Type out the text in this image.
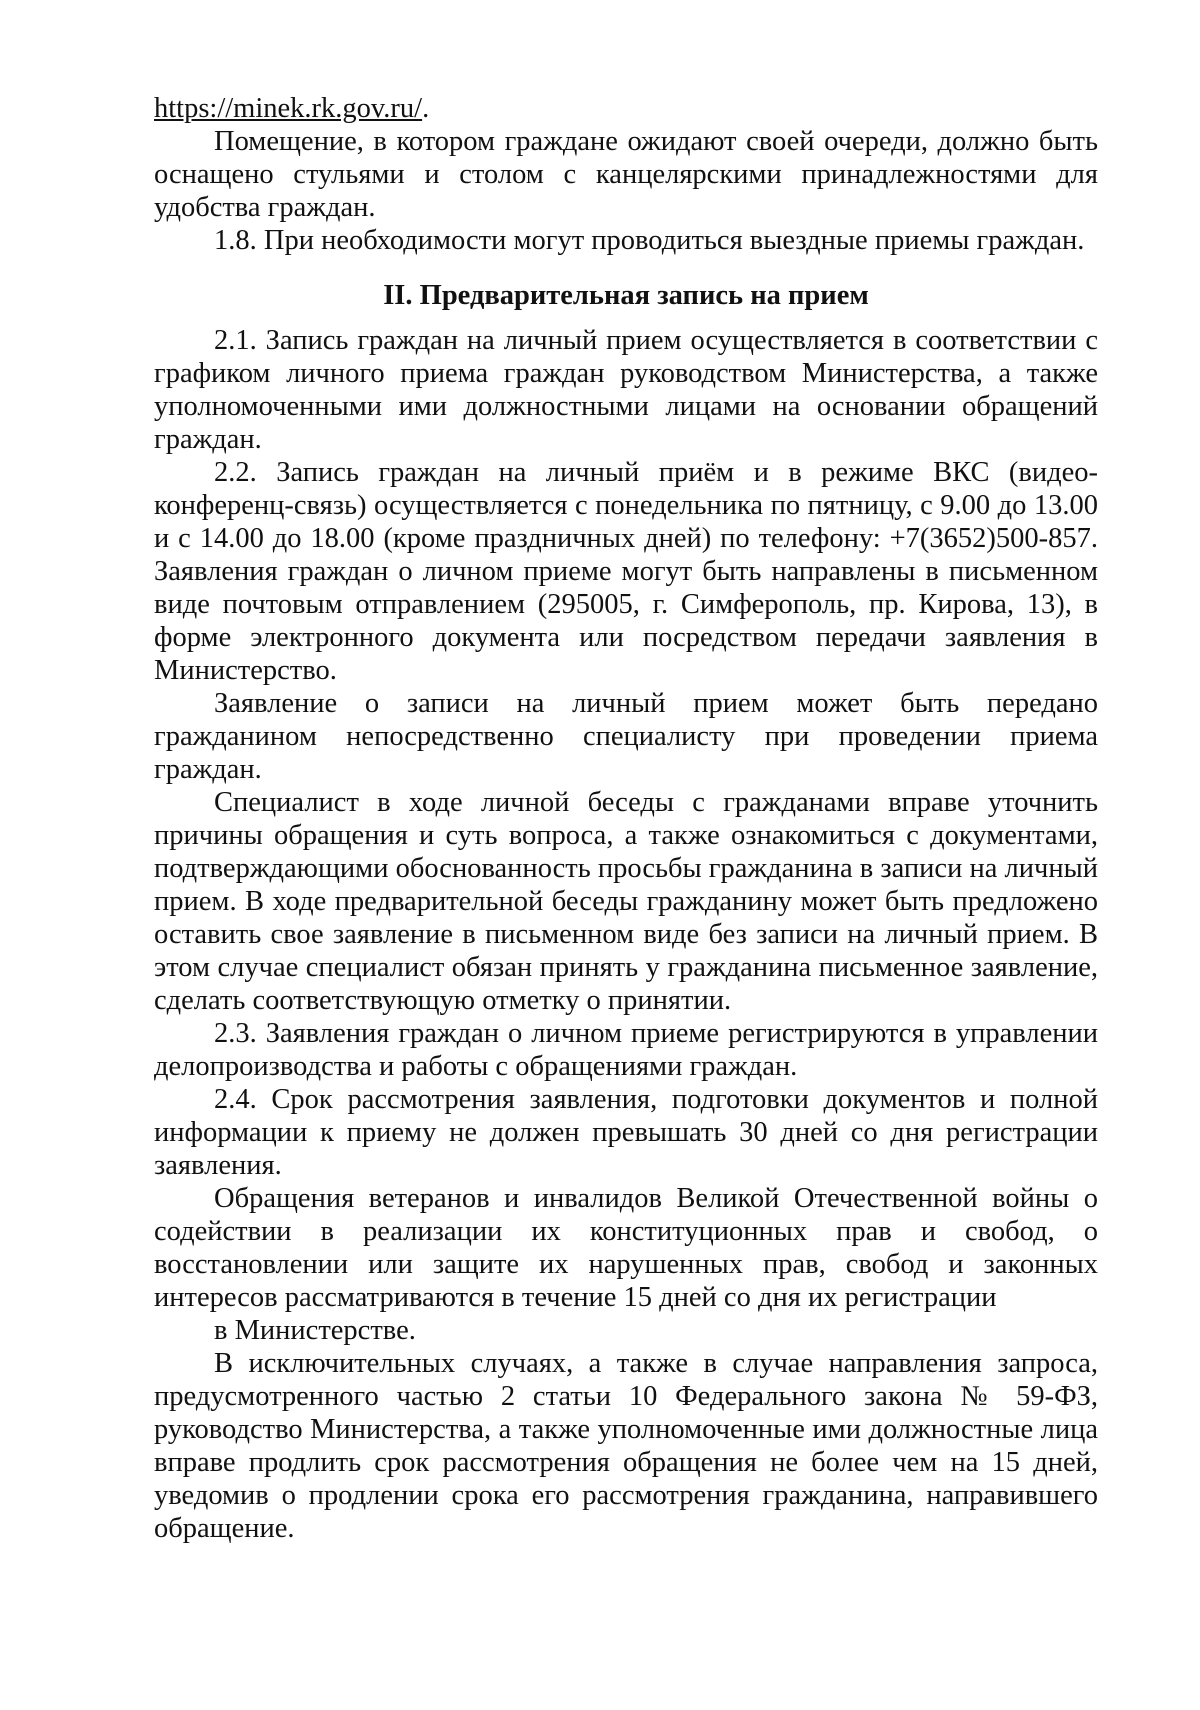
https://minek.rk.gov.ru/.

Помещение, в котором граждане ожидают своей очереди, должно быть оснащено стульями и столом с канцелярскими принадлежностями для удобства граждан.

1.8. При необходимости могут проводиться выездные приемы граждан.

II. Предварительная запись на прием

2.1. Запись граждан на личный прием осуществляется в соответствии с графиком личного приема граждан руководством Министерства, а также уполномоченными ими должностными лицами на основании обращений граждан.

2.2. Запись граждан на личный приём и в режиме ВКС (видео-конференц-связь) осуществляется с понедельника по пятницу, с 9.00 до 13.00 и с 14.00 до 18.00 (кроме праздничных дней) по телефону: +7(3652)500-857. Заявления граждан о личном приеме могут быть направлены в письменном виде почтовым отправлением (295005, г. Симферополь, пр. Кирова, 13), в форме электронного документа или посредством передачи заявления в Министерство.

Заявление о записи на личный прием может быть передано гражданином непосредственно специалисту при проведении приема граждан.

Специалист в ходе личной беседы с гражданами вправе уточнить причины обращения и суть вопроса, а также ознакомиться с документами, подтверждающими обоснованность просьбы гражданина в записи на личный прием. В ходе предварительной беседы гражданину может быть предложено оставить свое заявление в письменном виде без записи на личный прием. В этом случае специалист обязан принять у гражданина письменное заявление, сделать соответствующую отметку о принятии.

2.3. Заявления граждан о личном приеме регистрируются в управлении делопроизводства и работы с обращениями граждан.

2.4. Срок рассмотрения заявления, подготовки документов и полной информации к приему не должен превышать 30 дней со дня регистрации заявления.

Обращения ветеранов и инвалидов Великой Отечественной войны о содействии в реализации их конституционных прав и свобод, о восстановлении или защите их нарушенных прав, свобод и законных интересов рассматриваются в течение 15 дней со дня их регистрации

в Министерстве.

В исключительных случаях, а также в случае направления запроса, предусмотренного частью 2 статьи 10 Федерального закона № 59-ФЗ, руководство Министерства, а также уполномоченные ими должностные лица вправе продлить срок рассмотрения обращения не более чем на 15 дней, уведомив о продлении срока его рассмотрения гражданина, направившего обращение.
